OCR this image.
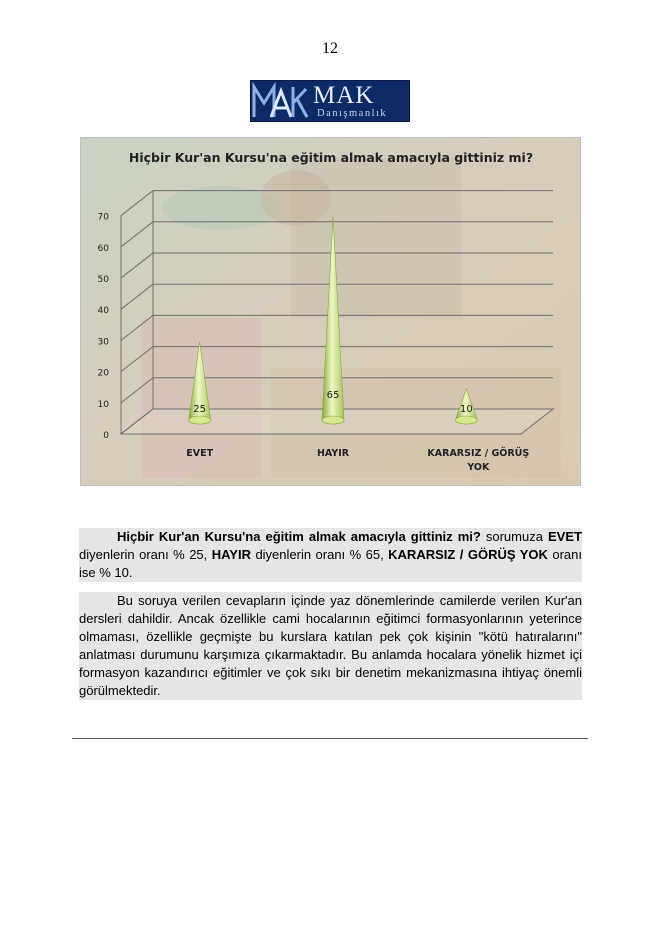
12
MAK
Danışmanlık
Hiçbir Kur'an Kursu'na eğitim almak amacıyla gittiniz mi?
0
10
20
30
40
50
60
70
25
65
10
EVET	HAYIR	KARARSIZ / GÖRÜŞ YOK
Hiçbir Kur'an Kursu'na eğitim almak amacıyla gittiniz mi? sorumuza EVET diyenlerin oranı % 25, HAYIR diyenlerin oranı % 65, KARARSIZ / GÖRÜŞ YOK oranı ise % 10.
Bu soruya verilen cevapların içinde yaz dönemlerinde camilerde verilen Kur'an dersleri dahildir. Ancak özellikle cami hocalarının eğitimci formasyonlarının yeterince olmaması, özellikle geçmişte bu kurslara katılan pek çok kişinin "kötü hatıralarını" anlatması durumunu karşımıza çıkarmaktadır. Bu anlamda hocalara yönelik hizmet içi formasyon kazandırıcı eğitimler ve çok sıkı bir denetim mekanizmasına ihtiyaç önemli görülmektedir.
